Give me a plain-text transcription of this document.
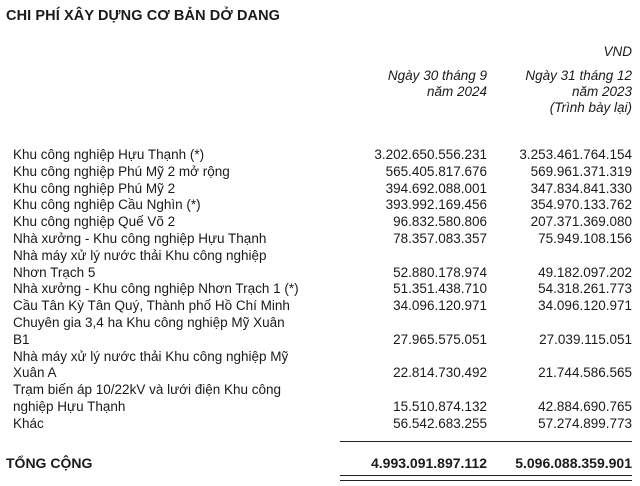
CHI PHÍ XÂY DỰNG CƠ BẢN DỞ DANG
VND
Ngày 30 tháng 9
năm 2024
Ngày 31 tháng 12
năm 2023
(Trình bày lại)
Khu công nghiệp Hựu Thạnh (*)	3.202.650.556.231 3.253.461.764.154
Khu công nghiệp Phú Mỹ 2 mở rộng	565.405.817.676	569.961.371.319
Khu công nghiệp Phú Mỹ 2	394.692.088.001	347.834.841.330
Khu công nghiệp Cầu Nghìn (*)	393.992.169.456	354.970.133.762
Khu công nghiệp Quế Võ 2	96.832.580.806	207.371.369.080
Nhà xưởng - Khu công nghiệp Hựu Thạnh	78.357.083.357	75.949.108.156
Nhà máy xử lý nước thải Khu công nghiệp
Nhơn Trạch 5	52.880.178.974	49.182.097.202
Nhà xưởng - Khu công nghiệp Nhơn Trạch 1 (*)	51.351.438.710	54.318.261.773
Cầu Tân Kỳ Tân Quý, Thành phố Hồ Chí Minh	34.096.120.971	34.096.120.971
Chuyên gia 3,4 ha Khu công nghiệp Mỹ Xuân
B1	27.965.575.051	27.039.115.051
Nhà máy xử lý nước thải Khu công nghiệp Mỹ
Xuân A	22.814.730.492	21.744.586.565
Trạm biến áp 10/22kV và lưới điện Khu công
nghiệp Hựu Thạnh	15.510.874.132	42.884.690.765
Khác	56.542.683.255	57.274.899.773
TỔNG CỘNG	4.993.091.897.112 5.096.088.359.901
